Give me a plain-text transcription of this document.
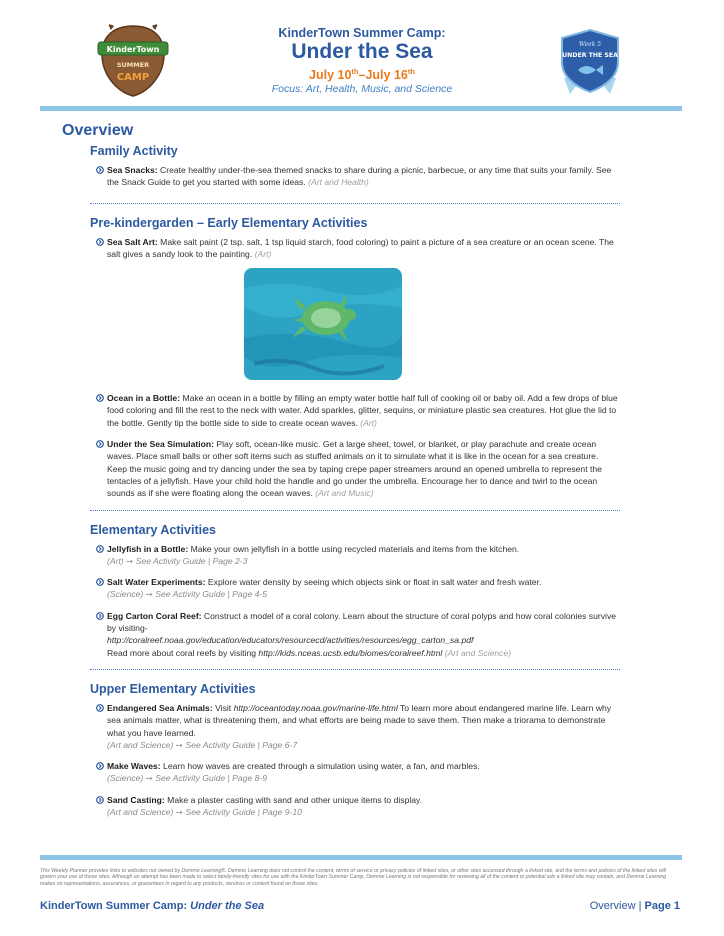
KinderTown
SUMMER
CAMP
KinderTown Summer Camp:
Under the Sea
July 10th–July 16th
Focus: Art, Health, Music, and Science
Week 5
UNDER THE SEA
Overview
Family Activity
Sea Snacks: Create healthy under-the-sea themed snacks to share during a picnic, barbecue, or any time that suits your family. See the Snack Guide to get you started with some ideas. (Art and Health)
Pre-kindergarden – Early Elementary Activities
Sea Salt Art: Make salt paint (2 tsp. salt, 1 tsp liquid starch, food coloring) to paint a picture of a sea creature or an ocean scene. The salt gives a sandy look to the painting. (Art)
Ocean in a Bottle: Make an ocean in a bottle by filling an empty water bottle half full of cooking oil or baby oil. Add a few drops of blue food coloring and fill the rest to the neck with water. Add sparkles, glitter, sequins, or miniature plastic sea creatures. Hot glue the lid to the bottle. Gently tip the bottle side to side to create ocean waves. (Art)
Under the Sea Simulation: Play soft, ocean-like music. Get a large sheet, towel, or blanket, or play parachute and create ocean waves. Place small balls or other soft items such as stuffed animals on it to simulate what it is like in the ocean for a sea creature. Keep the music going and try dancing under the sea by taping crepe paper streamers around an opened umbrella to represent the tentacles of a jellyfish. Have your child hold the handle and go under the umbrella. Encourage her to dance and twirl to the ocean sounds as if she were floating along the ocean waves. (Art and Music)
Elementary Activities
Jellyfish in a Bottle: Make your own jellyfish in a bottle using recycled materials and items from the kitchen.
(Art) ➙ See Activity Guide | Page 2-3
Salt Water Experiments: Explore water density by seeing which objects sink or float in salt water and fresh water.
(Science) ➙ See Activity Guide | Page 4-5
Egg Carton Coral Reef: Construct a model of a coral colony. Learn about the structure of coral polyps and how coral colonies survive by visiting-
http://coralreef.noaa.gov/education/educators/resourcecd/activities/resources/egg_carton_sa.pdf
Read more about coral reefs by visiting http://kids.nceas.ucsb.edu/biomes/coralreef.html (Art and Science)
Upper Elementary Activities
Endangered Sea Animals: Visit http://oceantoday.noaa.gov/marine-life.html To learn more about endangered marine life. Learn why sea animals matter, what is threatening them, and what efforts are being made to save them. Then make a triorama to demonstrate what you have learned.
(Art and Science) ➙ See Activity Guide | Page 6-7
Make Waves: Learn how waves are created through a simulation using water, a fan, and marbles.
(Science) ➙ See Activity Guide | Page 8-9
Sand Casting: Make a plaster casting with sand and other unique items to display.
(Art and Science) ➙ See Activity Guide | Page 9-10
This Weekly Planner provides links to websites not owned by Demme Learning®. Demme Learning does not control the content, terms of service or privacy policies of linked sites, or other sites accessed through a linked site, and the terms and policies of the linked sites will govern your use of those sites. Although an attempt has been made to select family-friendly sites for use with the KinderTown Summer Camp, Demme Learning is not responsible for reviewing all of the content or potential ads a linked site may contain, and Demme Learning makes no representations, assurances, or guarantees in regard to any products, services or content found on those sites.
KinderTown Summer Camp: Under the Sea	Overview | Page 1
